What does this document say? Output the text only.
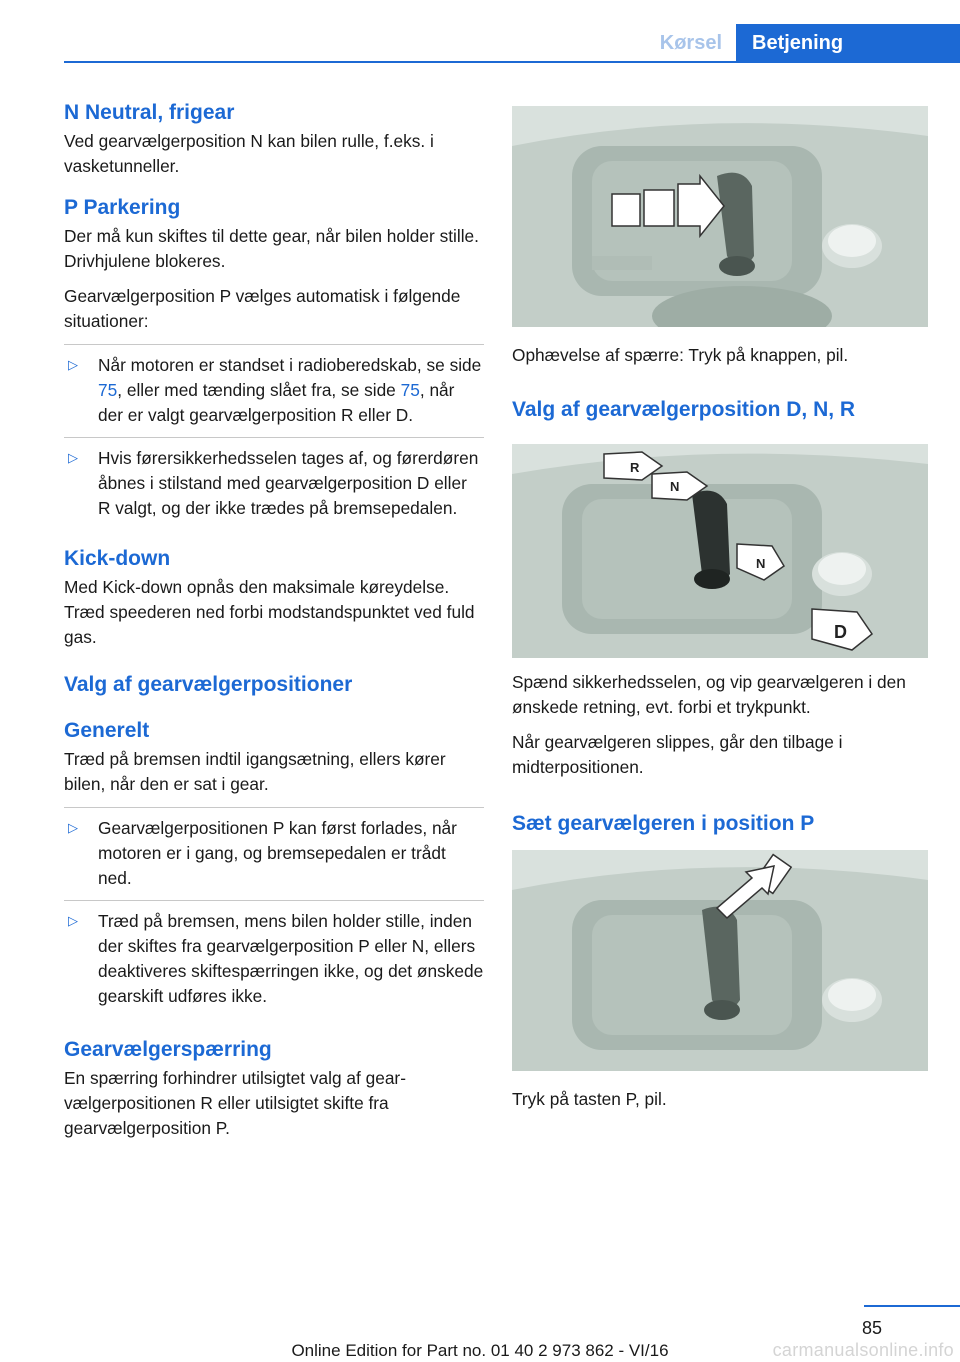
Kørsel	Betjening
N Neutral, frigear

Ved gearvælgerposition N kan bilen rulle, f.eks. i vasketunneller.

P Parkering

Der må kun skiftes til dette gear, når bilen holder stille. Drivhjulene blokeres.

Gearvælgerposition P vælges automatisk i følgende situationer:

▷ Når motoren er standset i radioberedskab, se side 75, eller med tænding slået fra, se side 75, når der er valgt gearvælgerposition R eller D.
▷ Hvis førersikkerhedsselen tages af, og førerdøren åbnes i stilstand med gearvælgerposition D eller R valgt, og der ikke trædes på bremsepedalen.
Kick-down

Med Kick-down opnås den maksimale køreydelse. Træd speederen ned forbi modstandspunktet ved fuld gas.

Valg af gearvælgerpositioner
Generelt

Træd på bremsen indtil igangsætning, ellers kører bilen, når den er sat i gear.

▷ Gearvælgerpositionen P kan først forlades, når motoren er i gang, og bremsepedalen er trådt ned.
▷ Træd på bremsen, mens bilen holder stille, inden der skiftes fra gearvælgerposition P eller N, ellers deaktiveres skiftespærringen ikke, og det ønskede gearskift udføres ikke.
Gearvælgerspærring

En spærring forhindrer utilsigtet valg af gearvælgerpositionen R eller utilsigtet skifte fra gearvælgerposition P.

Ophævelse af spærre: Tryk på knappen, pil.

Valg af gearvælgerposition D, N, R
R
N
N
D

Spænd sikkerhedsselen, og vip gearvælgeren i den ønskede retning, evt. forbi et trykpunkt.

Når gearvælgeren slippes, går den tilbage i midterpositionen.

Sæt gearvælgeren i position P

Tryk på tasten P, pil.

85
Online Edition for Part no. 01 40 2 973 862 - VI/16	carmanualsonline.info
